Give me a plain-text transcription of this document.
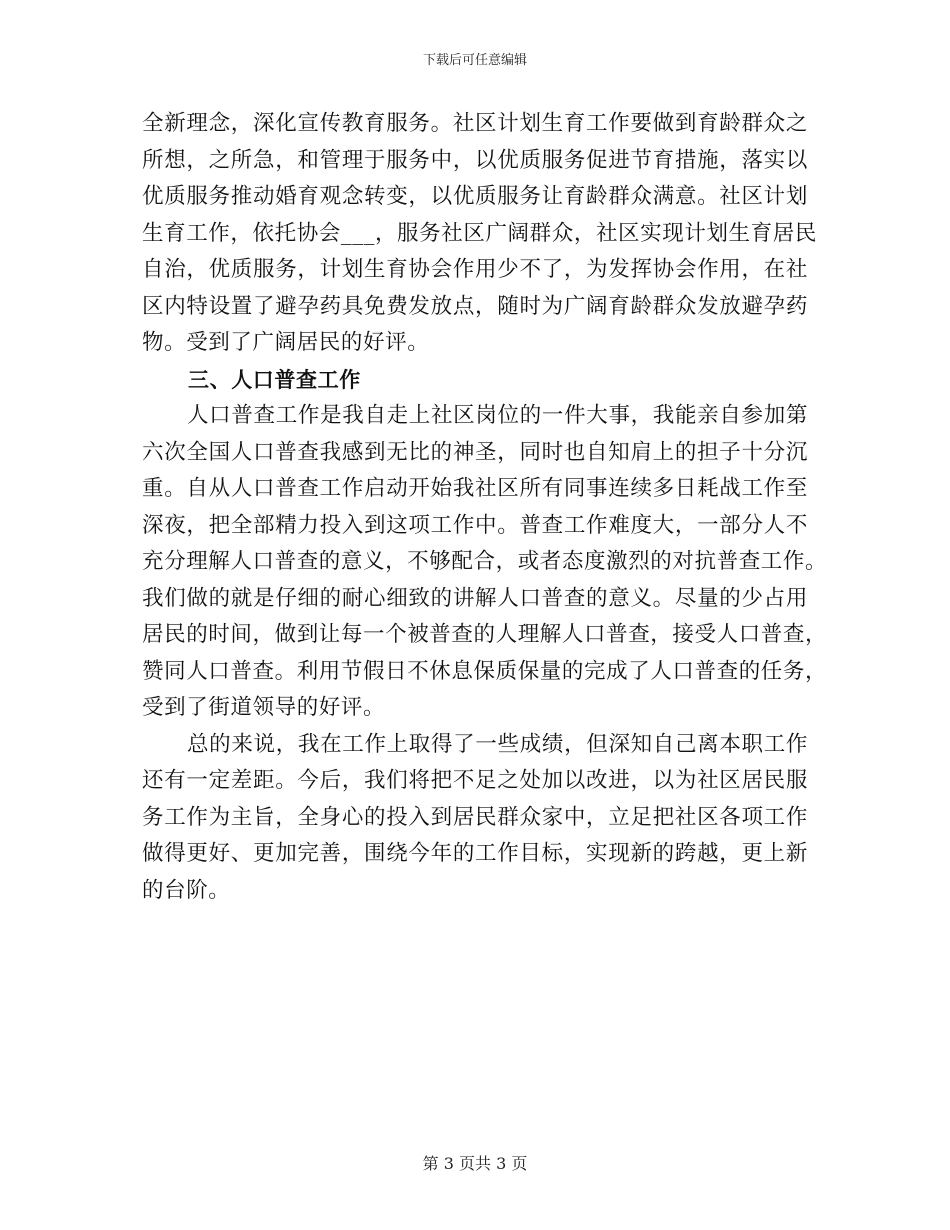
下载后可任意编辑
全新理念，深化宣传教育服务。社区计划生育工作要做到育龄群众之
所想，之所急，和管理于服务中，以优质服务促进节育措施，落实以
优质服务推动婚育观念转变，以优质服务让育龄群众满意。社区计划
生育工作，依托协会___，服务社区广阔群众，社区实现计划生育居民
自治，优质服务，计划生育协会作用少不了，为发挥协会作用，在社
区内特设置了避孕药具免费发放点，随时为广阔育龄群众发放避孕药
物。受到了广阔居民的好评。
三、人口普查工作
人口普查工作是我自走上社区岗位的一件大事，我能亲自参加第
六次全国人口普查我感到无比的神圣，同时也自知肩上的担子十分沉
重。自从人口普查工作启动开始我社区所有同事连续多日耗战工作至
深夜，把全部精力投入到这项工作中。普查工作难度大，一部分人不
充分理解人口普查的意义，不够配合，或者态度激烈的对抗普查工作。
我们做的就是仔细的耐心细致的讲解人口普查的意义。尽量的少占用
居民的时间，做到让每一个被普查的人理解人口普查，接受人口普查，
赞同人口普查。利用节假日不休息保质保量的完成了人口普查的任务，
受到了街道领导的好评。
总的来说，我在工作上取得了一些成绩，但深知自己离本职工作
还有一定差距。今后，我们将把不足之处加以改进，以为社区居民服
务工作为主旨，全身心的投入到居民群众家中，立足把社区各项工作
做得更好、更加完善，围绕今年的工作目标，实现新的跨越，更上新
的台阶。
第 3 页共 3 页
